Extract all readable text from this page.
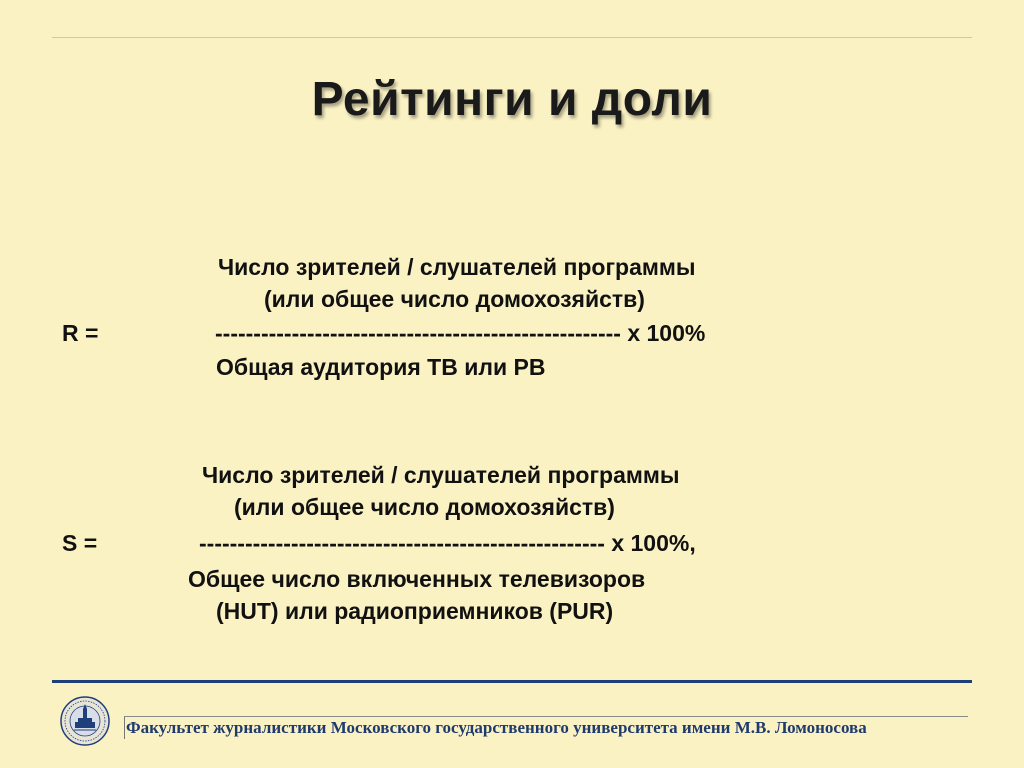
Рейтинги и доли
Число зрителей / слушателей программы
(или общее число домохозяйств)
R =	----------------------------------------------------- х 100%
Общая аудитория ТВ или РВ
Число зрителей / слушателей программы
(или общее число домохозяйств)
S =	----------------------------------------------------- х 100%,
Общее число включенных телевизоров
(HUT) или радиоприемников (PUR)
Факультет журналистики Московского государственного университета имени М.В. Ломоносова
